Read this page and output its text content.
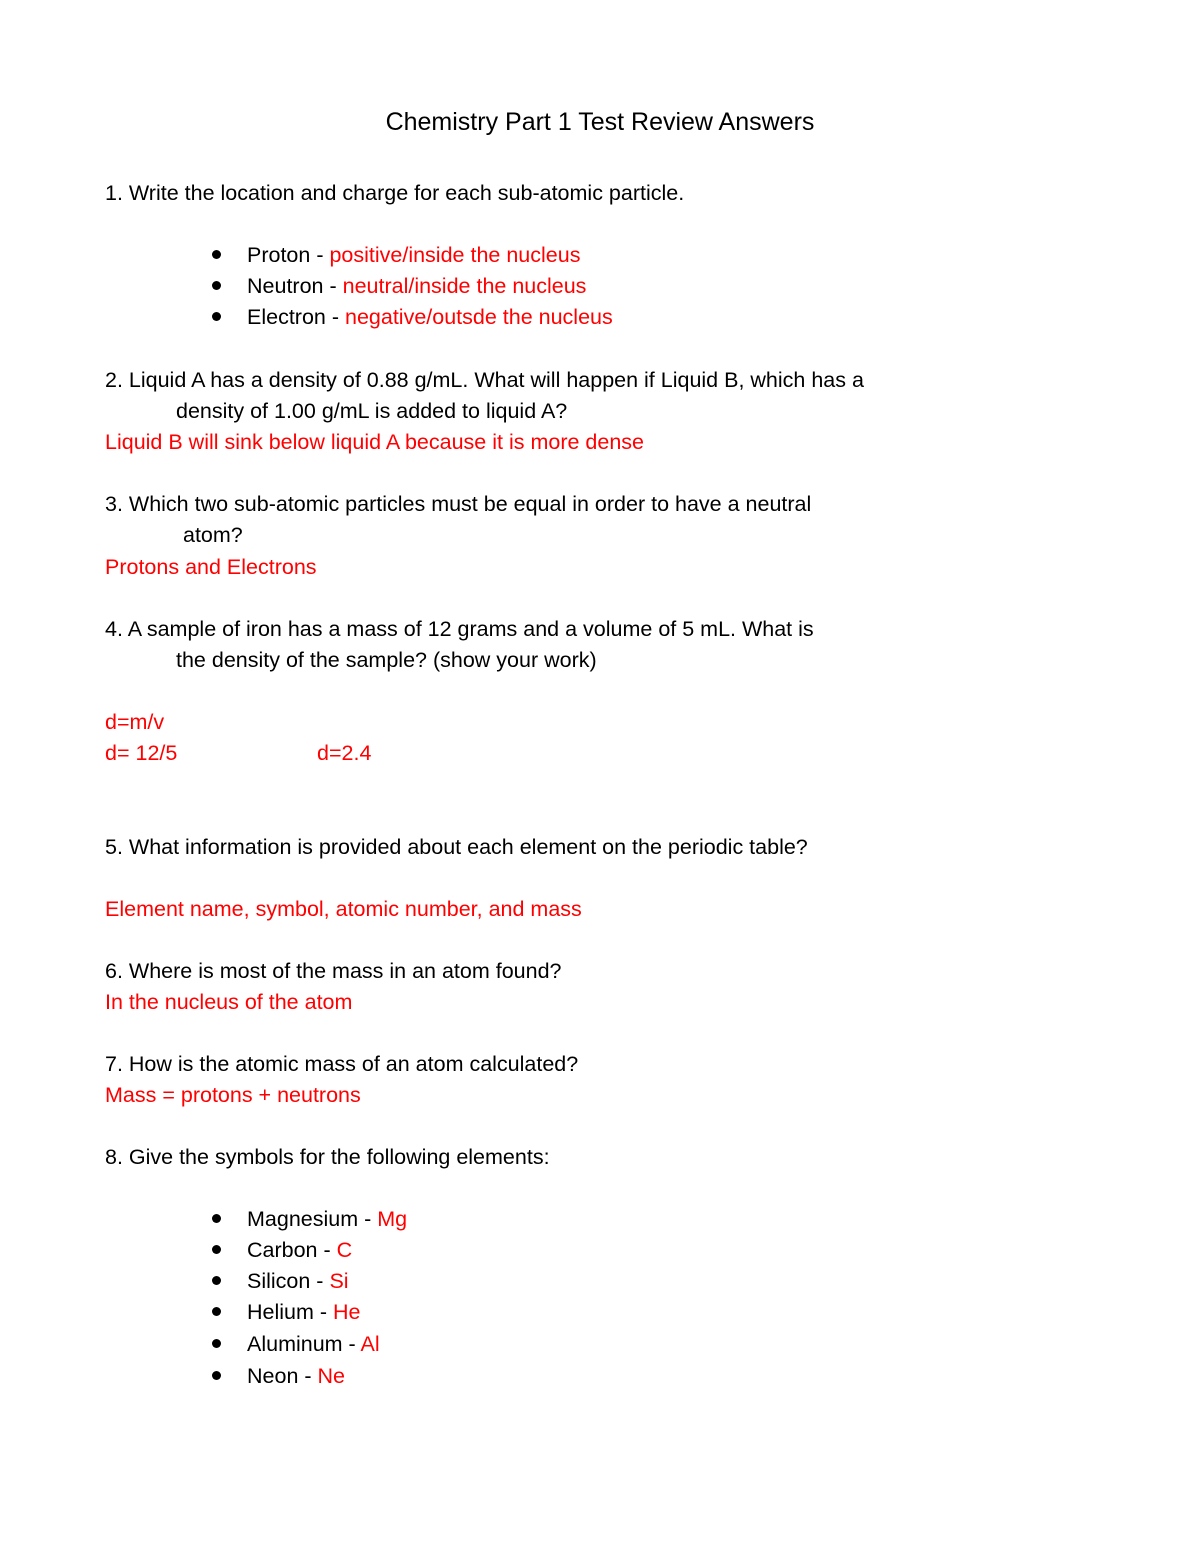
Chemistry Part 1 Test Review Answers
1. Write the location and charge for each sub-atomic particle.
Proton - positive/inside the nucleus
Neutron - neutral/inside the nucleus
Electron - negative/outsde the nucleus
2. Liquid A has a density of 0.88 g/mL. What will happen if Liquid B, which has a
density of 1.00 g/mL is added to liquid A?
Liquid B will sink below liquid A because it is more dense
3. Which two sub-atomic particles must be equal in order to have a neutral
atom?
Protons and Electrons
4. A sample of iron has a mass of 12 grams and a volume of 5 mL. What is
the density of the sample? (show your work)
d=m/v
d= 12/5	d=2.4
5. What information is provided about each element on the periodic table?
Element name, symbol, atomic number, and mass
6. Where is most of the mass in an atom found?
In the nucleus of the atom
7. How is the atomic mass of an atom calculated?
Mass = protons + neutrons
8. Give the symbols for the following elements:
Magnesium - Mg
Carbon - C
Silicon - Si
Helium - He
Aluminum - Al
Neon - Ne
